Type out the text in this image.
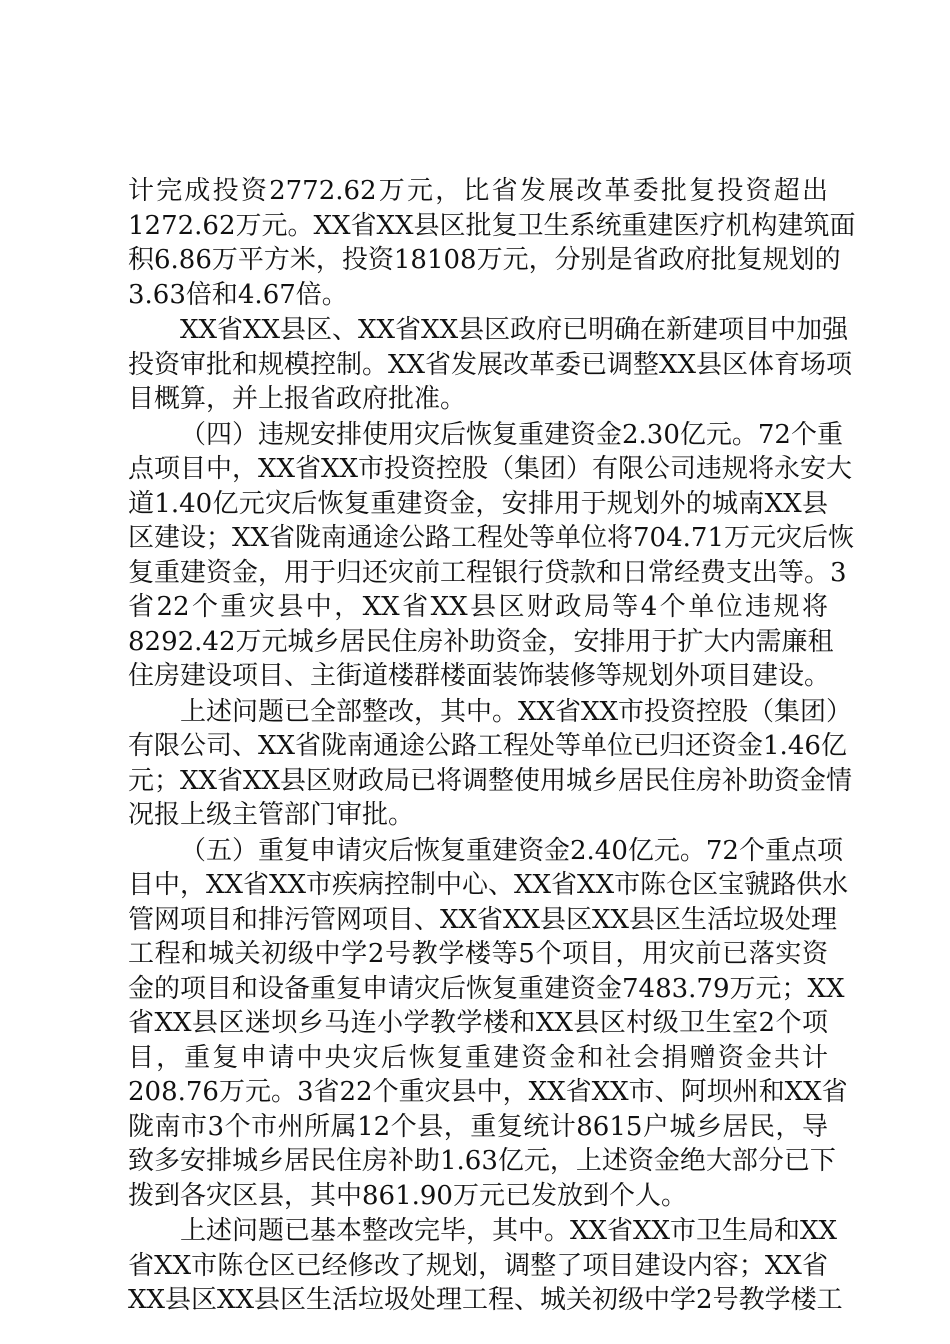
计完成投资2772.62万元，比省发展改革委批复投资超出
1272.62万元。XX省XX县区批复卫生系统重建医疗机构建筑面
积6.86万平方米，投资18108万元，分别是省政府批复规划的
3.63倍和4.67倍。
XX省XX县区、XX省XX县区政府已明确在新建项目中加强
投资审批和规模控制。XX省发展改革委已调整XX县区体育场项
目概算，并上报省政府批准。
（四）违规安排使用灾后恢复重建资金2.30亿元。72个重
点项目中，XX省XX市投资控股（集团）有限公司违规将永安大
道1.40亿元灾后恢复重建资金，安排用于规划外的城南XX县
区建设；XX省陇南通途公路工程处等单位将704.71万元灾后恢
复重建资金，用于归还灾前工程银行贷款和日常经费支出等。3
省22个重灾县中，XX省XX县区财政局等4个单位违规将
8292.42万元城乡居民住房补助资金，安排用于扩大内需廉租
住房建设项目、主街道楼群楼面装饰装修等规划外项目建设。
上述问题已全部整改，其中。XX省XX市投资控股（集团）
有限公司、XX省陇南通途公路工程处等单位已归还资金1.46亿
元；XX省XX县区财政局已将调整使用城乡居民住房补助资金情
况报上级主管部门审批。
（五）重复申请灾后恢复重建资金2.40亿元。72个重点项
目中，XX省XX市疾病控制中心、XX省XX市陈仓区宝虢路供水
管网项目和排污管网项目、XX省XX县区XX县区生活垃圾处理
工程和城关初级中学2号教学楼等5个项目，用灾前已落实资
金的项目和设备重复申请灾后恢复重建资金7483.79万元；XX
省XX县区迷坝乡马连小学教学楼和XX县区村级卫生室2个项
目，重复申请中央灾后恢复重建资金和社会捐赠资金共计
208.76万元。3省22个重灾县中，XX省XX市、阿坝州和XX省
陇南市3个市州所属12个县，重复统计8615户城乡居民，导
致多安排城乡居民住房补助1.63亿元，上述资金绝大部分已下
拨到各灾区县，其中861.90万元已发放到个人。
上述问题已基本整改完毕，其中。XX省XX市卫生局和XX
省XX市陈仓区已经修改了规划，调整了项目建设内容；XX省
XX县区XX县区生活垃圾处理工程、城关初级中学2号教学楼工
